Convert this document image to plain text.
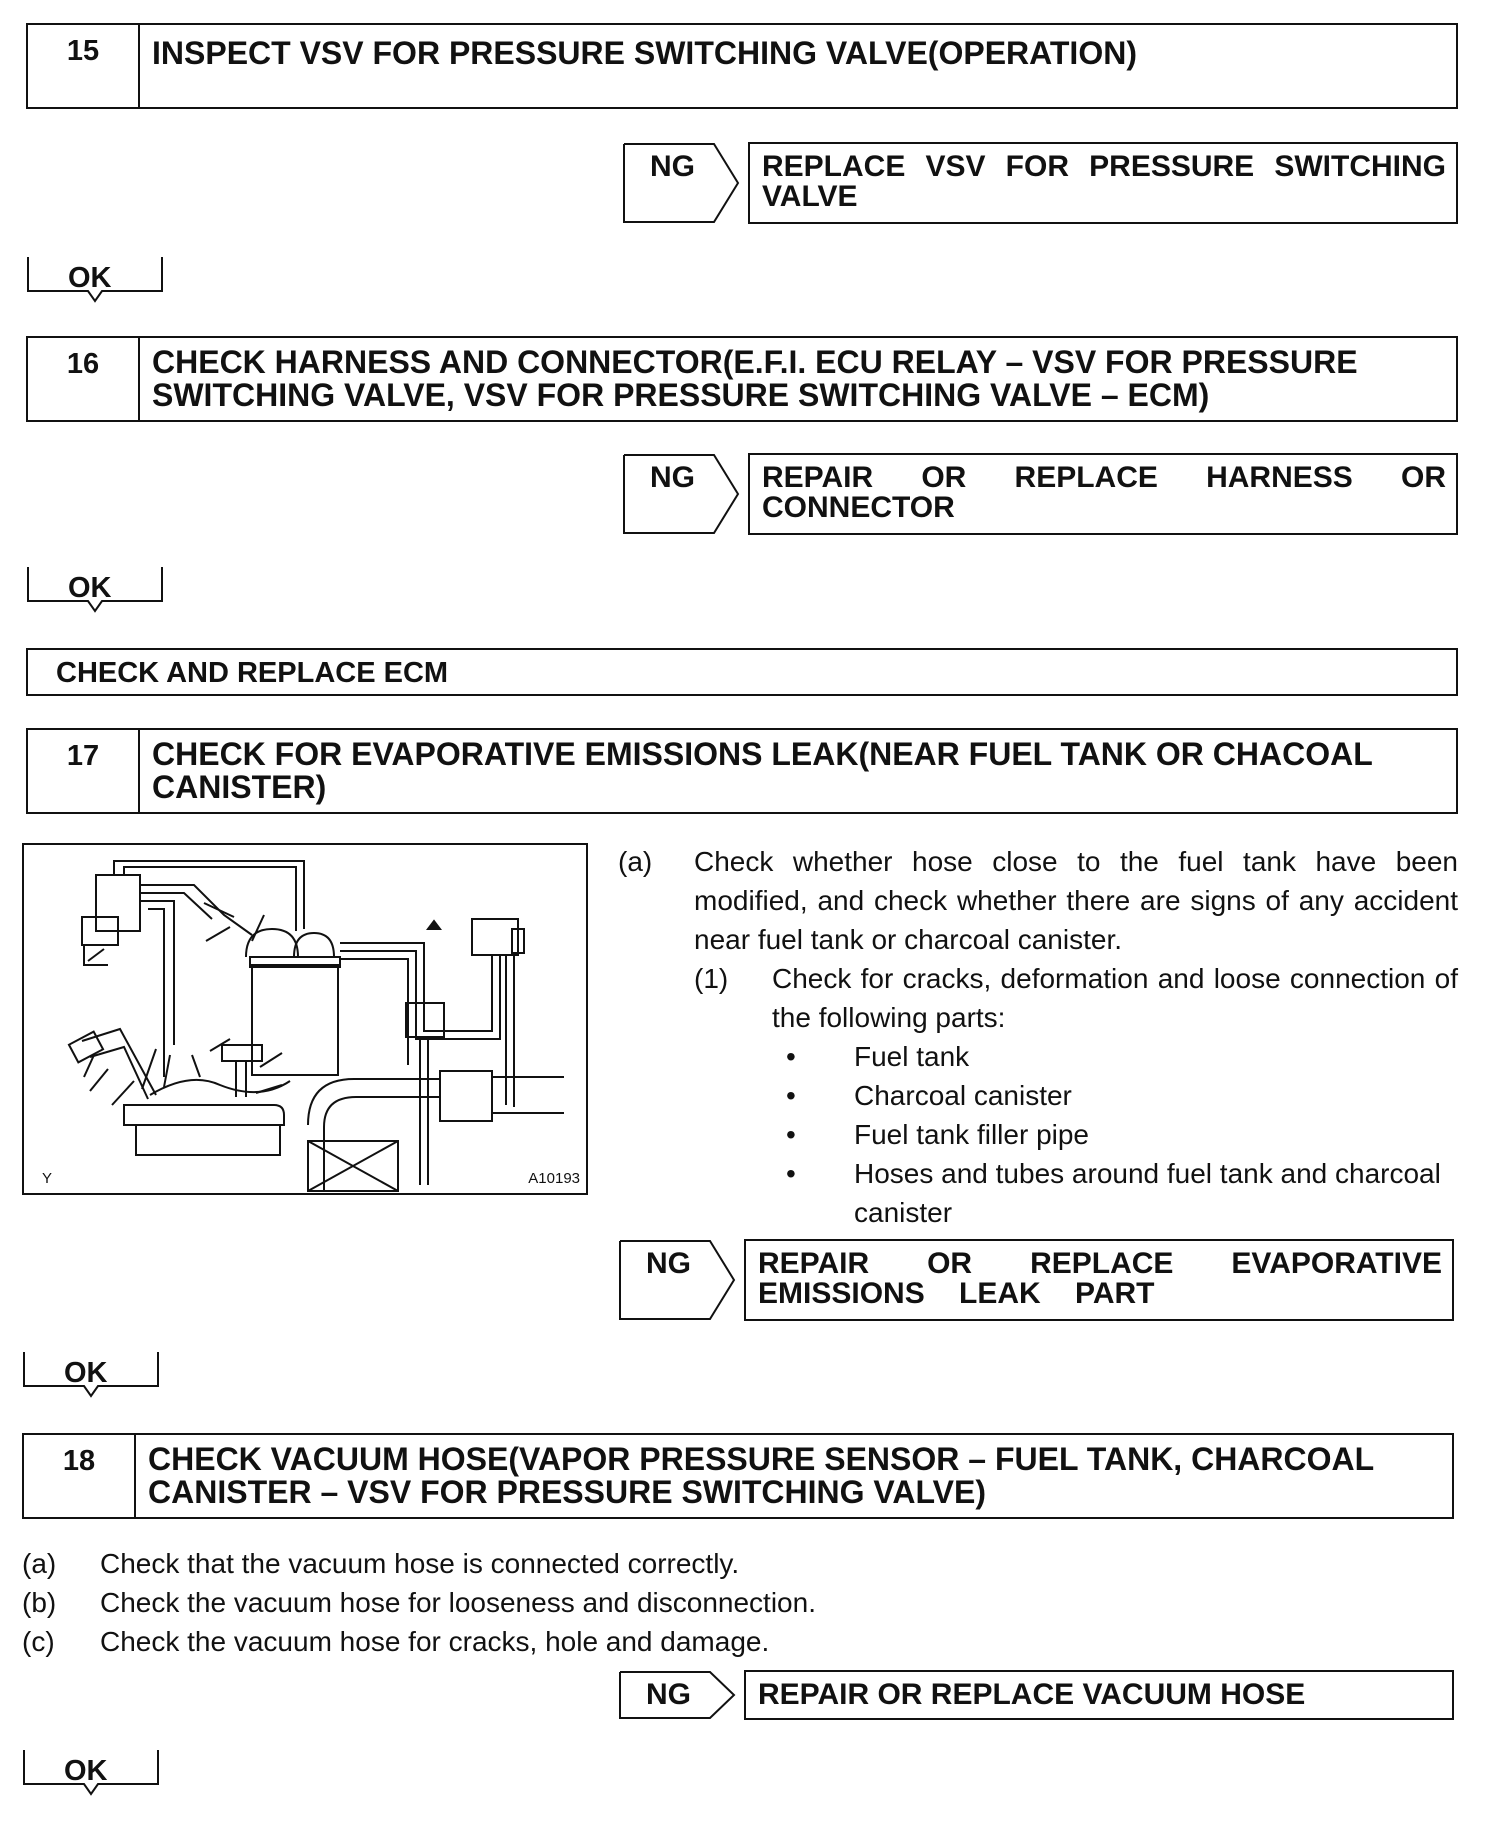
15	INSPECT VSV FOR PRESSURE SWITCHING VALVE(OPERATION)
NG REPLACE VSV FOR PRESSURE SWITCHING VALVE
OK
16	CHECK HARNESS AND CONNECTOR(E.F.I. ECU RELAY – VSV FOR PRESSURE SWITCHING VALVE, VSV FOR PRESSURE SWITCHING VALVE – ECM)
NG REPAIR OR REPLACE HARNESS OR CONNECTOR
OK
CHECK AND REPLACE ECM
17	CHECK FOR EVAPORATIVE EMISSIONS LEAK(NEAR FUEL TANK OR CHACOAL CANISTER)
Y	A10193
(a) Check whether hose close to the fuel tank have been modified, and check whether there are signs of any accident near fuel tank or charcoal canister.
(1) Check for cracks, deformation and loose connection of the following parts:
• Fuel tank
• Charcoal canister
• Fuel tank filler pipe
• Hoses and tubes around fuel tank and charcoal canister
NG REPAIR OR REPLACE EVAPORATIVE EMISSIONS LEAK PART
OK
18	CHECK VACUUM HOSE(VAPOR PRESSURE SENSOR – FUEL TANK, CHARCOAL CANISTER – VSV FOR PRESSURE SWITCHING VALVE)
(a) Check that the vacuum hose is connected correctly.
(b) Check the vacuum hose for looseness and disconnection.
(c) Check the vacuum hose for cracks, hole and damage.
NG REPAIR OR REPLACE VACUUM HOSE
OK
